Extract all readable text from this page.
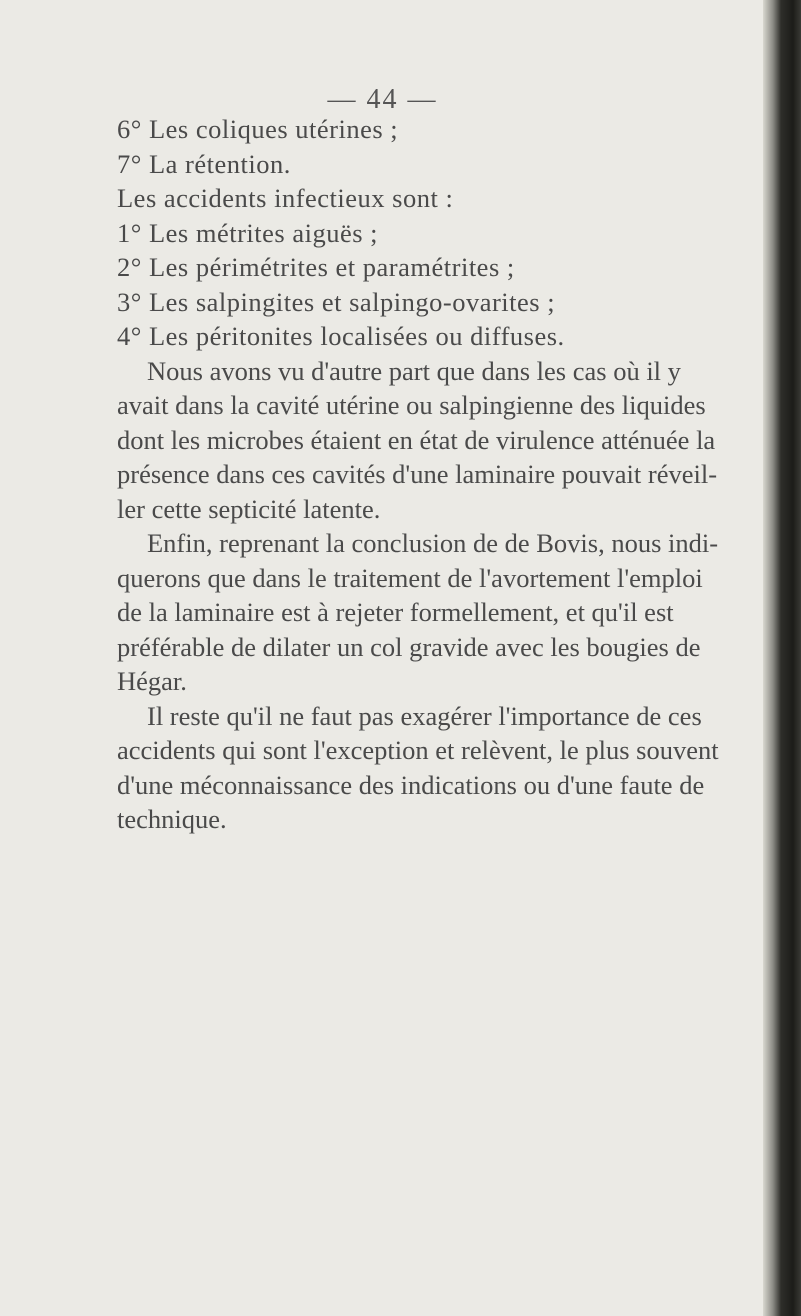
— 44 —
6° Les coliques utérines ;
7° La rétention.
Les accidents infectieux sont :
1° Les métrites aiguës ;
2° Les périmétrites et paramétrites ;
3° Les salpingites et salpingo-ovarites ;
4° Les péritonites localisées ou diffuses.
Nous avons vu d'autre part que dans les cas où il y
avait dans la cavité utérine ou salpingienne des liquides
dont les microbes étaient en état de virulence atténuée la
présence dans ces cavités d'une laminaire pouvait réveil-
ler cette septicité latente.
Enfin, reprenant la conclusion de de Bovis, nous indi-
querons que dans le traitement de l'avortement l'emploi
de la laminaire est à rejeter formellement, et qu'il est
préférable de dilater un col gravide avec les bougies de
Hégar.
Il reste qu'il ne faut pas exagérer l'importance de ces
accidents qui sont l'exception et relèvent, le plus souvent
d'une méconnaissance des indications ou d'une faute de
technique.
